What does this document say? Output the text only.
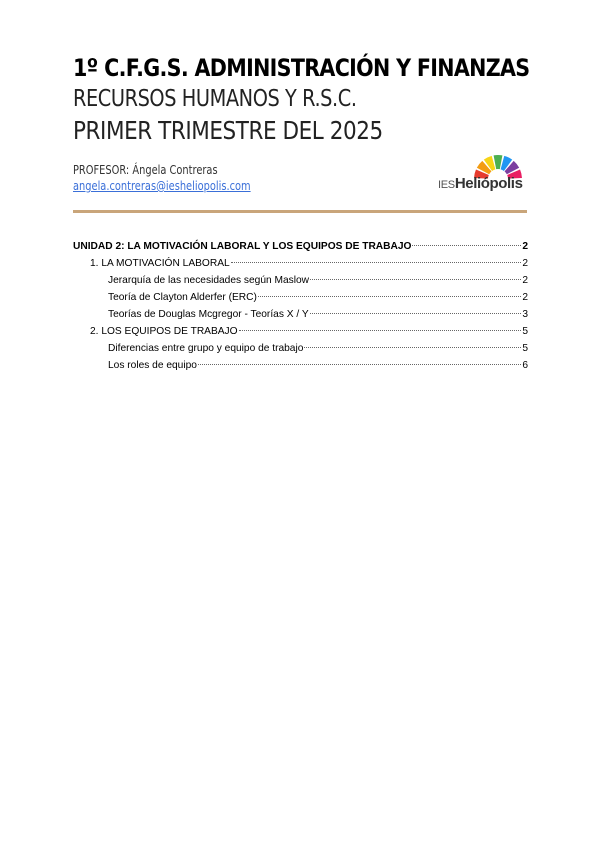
1º C.F.G.S. ADMINISTRACIÓN Y FINANZAS
RECURSOS HUMANOS Y R.S.C.
PRIMER TRIMESTRE DEL 2025
PROFESOR: Ángela Contreras
angela.contreras@iesheliopolis.com	IESHeliópolis
UNIDAD 2: LA MOTIVACIÓN LABORAL Y LOS EQUIPOS DE TRABAJO	2
1. LA MOTIVACIÓN LABORAL	2
Jerarquía de las necesidades según Maslow	2
Teoría de Clayton Alderfer (ERC)	2
Teorías de Douglas Mcgregor - Teorías X / Y	3
2. LOS EQUIPOS DE TRABAJO	5
Diferencias entre grupo y equipo de trabajo	5
Los roles de equipo	6
